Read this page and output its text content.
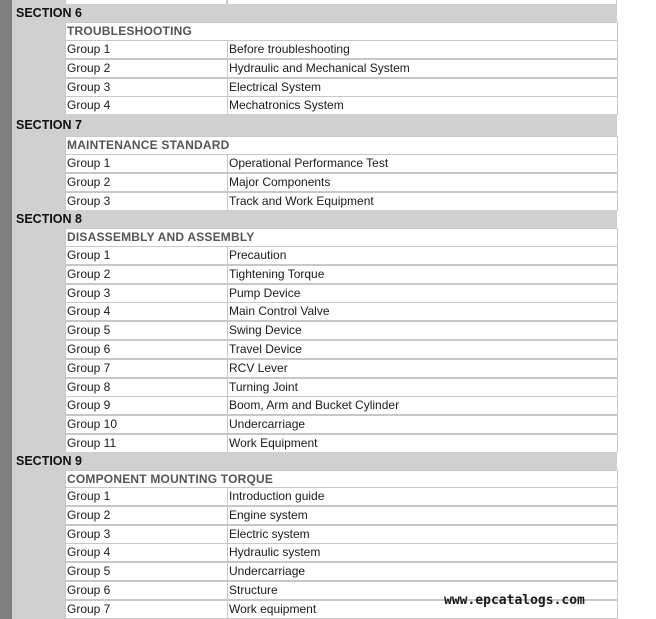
SECTION 6
TROUBLESHOOTING
Group 1	Before troubleshooting
Group 2	Hydraulic and Mechanical System
Group 3	Electrical System
Group 4	Mechatronics System
SECTION 7
MAINTENANCE STANDARD
Group 1	Operational Performance Test
Group 2	Major Components
Group 3	Track and Work Equipment
SECTION 8
DISASSEMBLY AND ASSEMBLY
Group 1	Precaution
Group 2	Tightening Torque
Group 3	Pump Device
Group 4	Main Control Valve
Group 5	Swing Device
Group 6	Travel Device
Group 7	RCV Lever
Group 8	Turning Joint
Group 9	Boom, Arm and Bucket Cylinder
Group 10	Undercarriage
Group 11	Work Equipment
SECTION 9
COMPONENT MOUNTING TORQUE
Group 1	Introduction guide
Group 2	Engine system
Group 3	Electric system
Group 4	Hydraulic system
Group 5	Undercarriage
Group 6	Structure
Group 7	Work equipment
www.epcatalogs.com
